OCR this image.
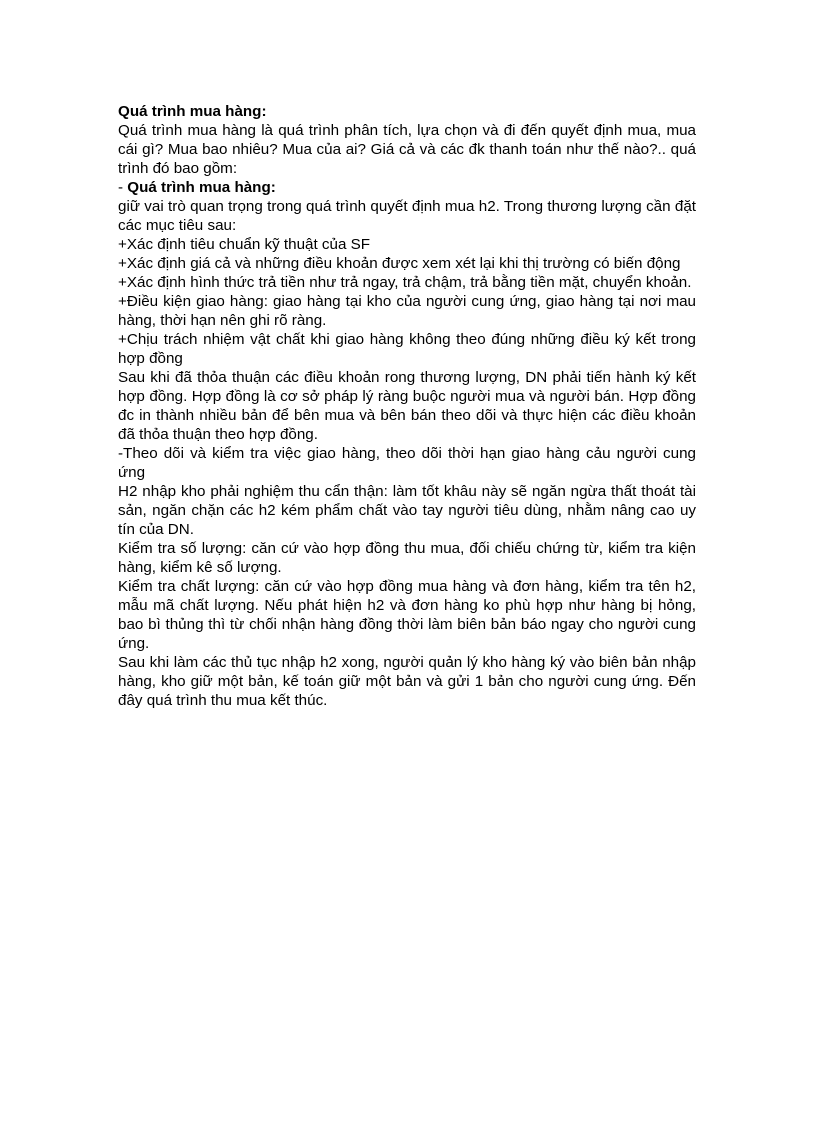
Quá trình mua hàng:

Quá trình mua hàng là quá trình phân tích, lựa chọn và đi đến quyết định mua, mua cái gì? Mua bao nhiêu? Mua của ai? Giá cả và các đk thanh toán như thế nào?.. quá trình đó bao gồm:

- Quá trình mua hàng:

giữ vai trò quan trọng trong quá trình quyết định mua h2. Trong thương lượng cần đặt các mục tiêu sau:

+Xác định tiêu chuẩn kỹ thuật của SF

+Xác định giá cả và những điều khoản được xem xét lại khi thị trường có biến động

+Xác định hình thức trả tiền như trả ngay, trả chậm, trả bằng tiền mặt, chuyển khoản.

+Điều kiện giao hàng: giao hàng tại kho của người cung ứng, giao hàng tại nơi mau hàng, thời hạn nên ghi rõ ràng.

+Chịu trách nhiệm vật chất khi giao hàng không theo đúng những điều ký kết trong hợp đồng

Sau khi đã thỏa thuận các điều khoản rong thương lượng, DN phải tiến hành ký kết hợp đồng. Hợp đồng là cơ sở pháp lý ràng buộc người mua và người bán. Hợp đồng đc in thành nhiều bản để bên mua và bên bán theo dõi và thực hiện các điều khoản đã thỏa thuận theo hợp đồng.

-Theo dõi và kiểm tra việc giao hàng, theo dõi thời hạn giao hàng cảu người cung ứng

H2 nhập kho phải nghiệm thu cẩn thận: làm tốt khâu này sẽ ngăn ngừa thất thoát tài sản, ngăn chặn các h2 kém phẩm chất vào tay người tiêu dùng, nhằm nâng cao uy tín của DN.

Kiểm tra số lượng: căn cứ vào hợp đồng thu mua, đối chiếu chứng từ, kiểm tra kiện hàng, kiểm kê số lượng.

Kiểm tra chất lượng: căn cứ vào hợp đồng mua hàng và đơn hàng, kiểm tra tên h2, mẫu mã chất lượng. Nếu phát hiện h2 và đơn hàng ko phù hợp như hàng bị hỏng, bao bì thủng thì từ chối nhận hàng đồng thời làm biên bản báo ngay cho người cung ứng.

Sau khi làm các thủ tục nhập h2 xong, người quản lý kho hàng ký vào biên bản nhập hàng, kho giữ một bản, kế toán giữ một bản và gửi 1 bản cho người cung ứng. Đến đây quá trình thu mua kết thúc.
